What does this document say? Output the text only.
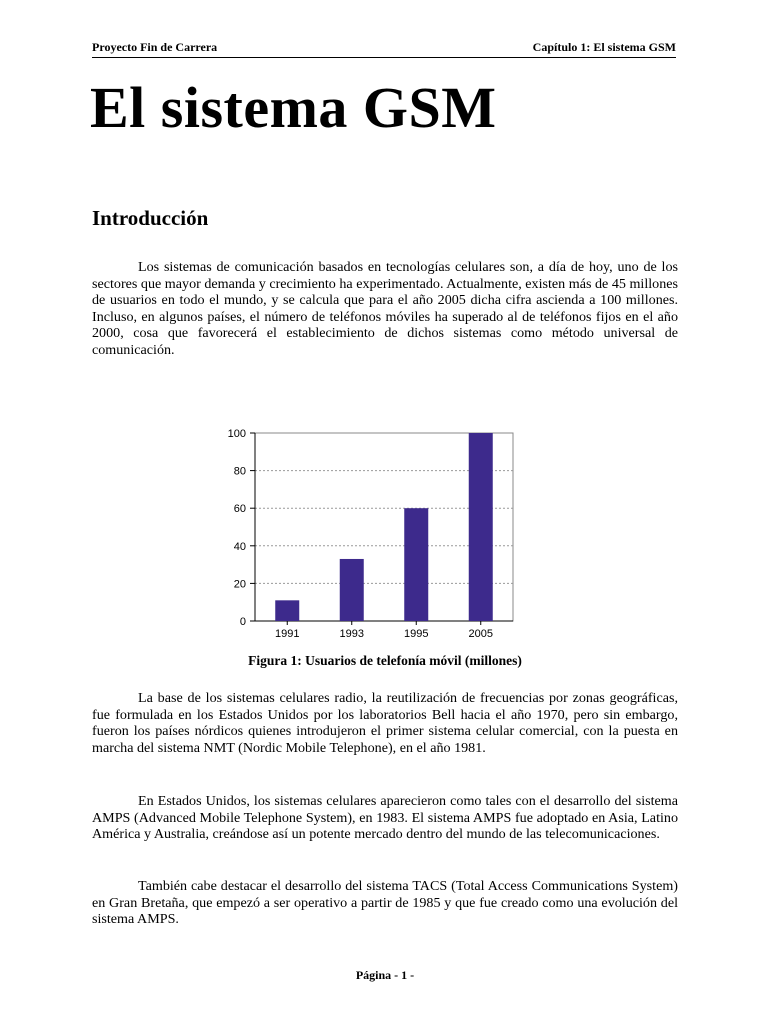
Proyecto Fin de Carrera	Capítulo 1: El sistema GSM
El sistema GSM
Introducción

Los sistemas de comunicación basados en tecnologías celulares son, a día de hoy, uno de los sectores que mayor demanda y crecimiento ha experimentado. Actualmente, existen más de 45 millones de usuarios en todo el mundo, y se calcula que para el año 2005 dicha cifra ascienda a 100 millones. Incluso, en algunos países, el número de teléfonos móviles ha superado al de teléfonos fijos en el año 2000, cosa que favorecerá el establecimiento de dichos sistemas como método universal de comunicación.

0
20
40
60
80
100
1991	1993	1995	2005

Figura 1: Usuarios de telefonía móvil (millones)

La base de los sistemas celulares radio, la reutilización de frecuencias por zonas geográficas, fue formulada en los Estados Unidos por los laboratorios Bell hacia el año 1970, pero sin embargo, fueron los países nórdicos quienes introdujeron el primer sistema celular comercial, con la puesta en marcha del sistema NMT (Nordic Mobile Telephone), en el año 1981.

En Estados Unidos, los sistemas celulares aparecieron como tales con el desarrollo del sistema AMPS (Advanced Mobile Telephone System), en 1983. El sistema AMPS fue adoptado en Asia, Latino América y Australia, creándose así un potente mercado dentro del mundo de las telecomunicaciones.

También cabe destacar el desarrollo del sistema TACS (Total Access Communications System) en Gran Bretaña, que empezó a ser operativo a partir de 1985 y que fue creado como una evolución del sistema AMPS.

Página - 1 -
